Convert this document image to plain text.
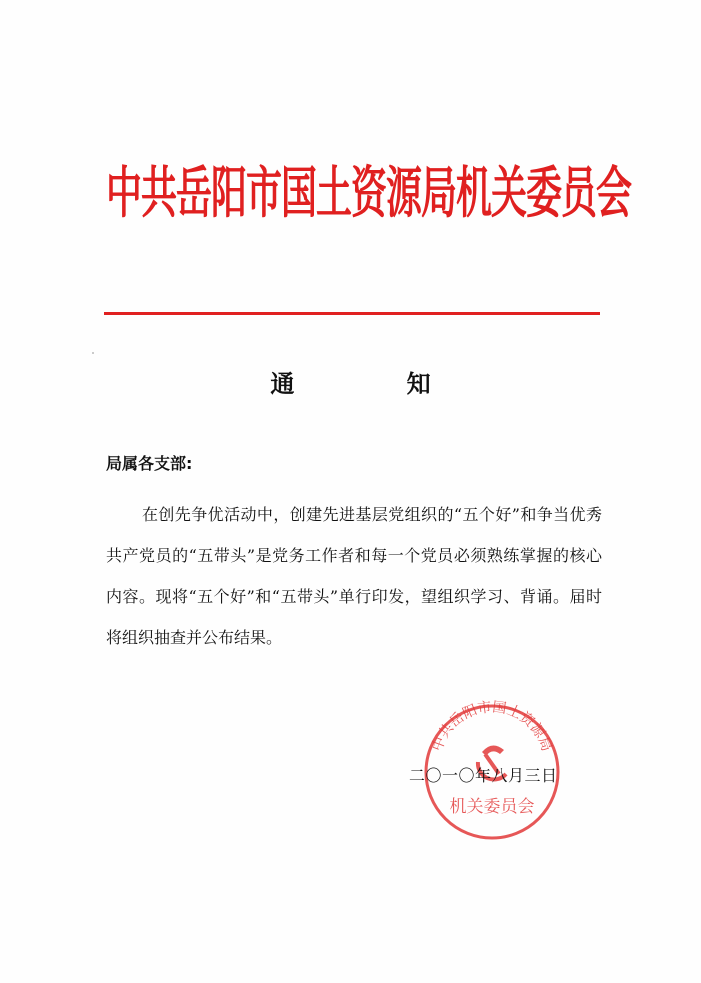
中共岳阳市国土资源局机关委员会
通 知
局属各支部:
在创先争优活动中，创建先进基层党组织的“五个好”和争当优秀共产党员的“五带头”是党务工作者和每一个党员必须熟练掌握的核心内容。现将“五个好”和“五带头”单行印发，望组织学习、背诵。届时将组织抽查并公布结果。
中共岳阳市国土资源局
机关委员会
二〇一〇年八月三日
